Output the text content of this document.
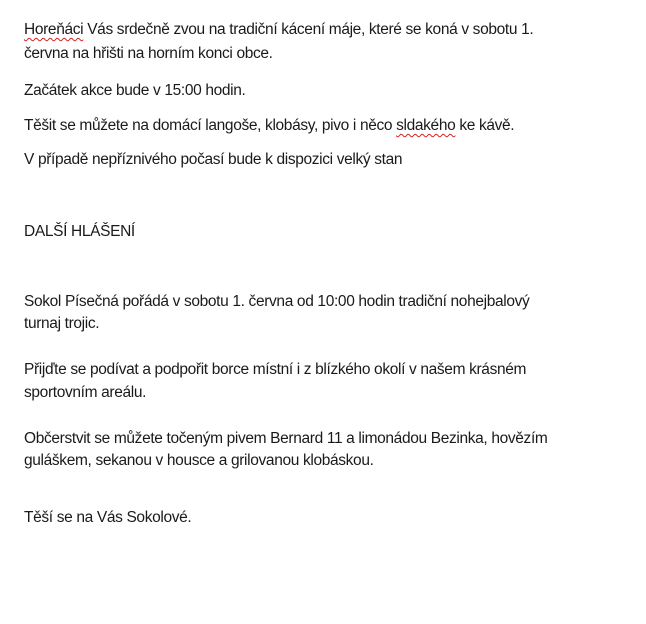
Horeňáci Vás srdečně zvou na tradiční kácení máje, které se koná v sobotu 1.
června na hřišti na horním konci obce.
Začátek akce bude v 15:00 hodin.
Těšit se můžete na domácí langoše, klobásy, pivo i něco sldakého ke kávě.
V případě nepříznivého počasí bude k dispozici velký stan
DALŠÍ HLÁŠENÍ
Sokol Písečná pořádá v sobotu 1. června od 10:00 hodin tradiční nohejbalový
turnaj trojic.
Přijďte se podívat a podpořit borce místní i z blízkého okolí v našem krásném
sportovním areálu.
Občerstvit se můžete točeným pivem Bernard 11 a limonádou Bezinka, hovězím
guláškem, sekanou v housce a grilovanou klobáskou.
Těší se na Vás Sokolové.
